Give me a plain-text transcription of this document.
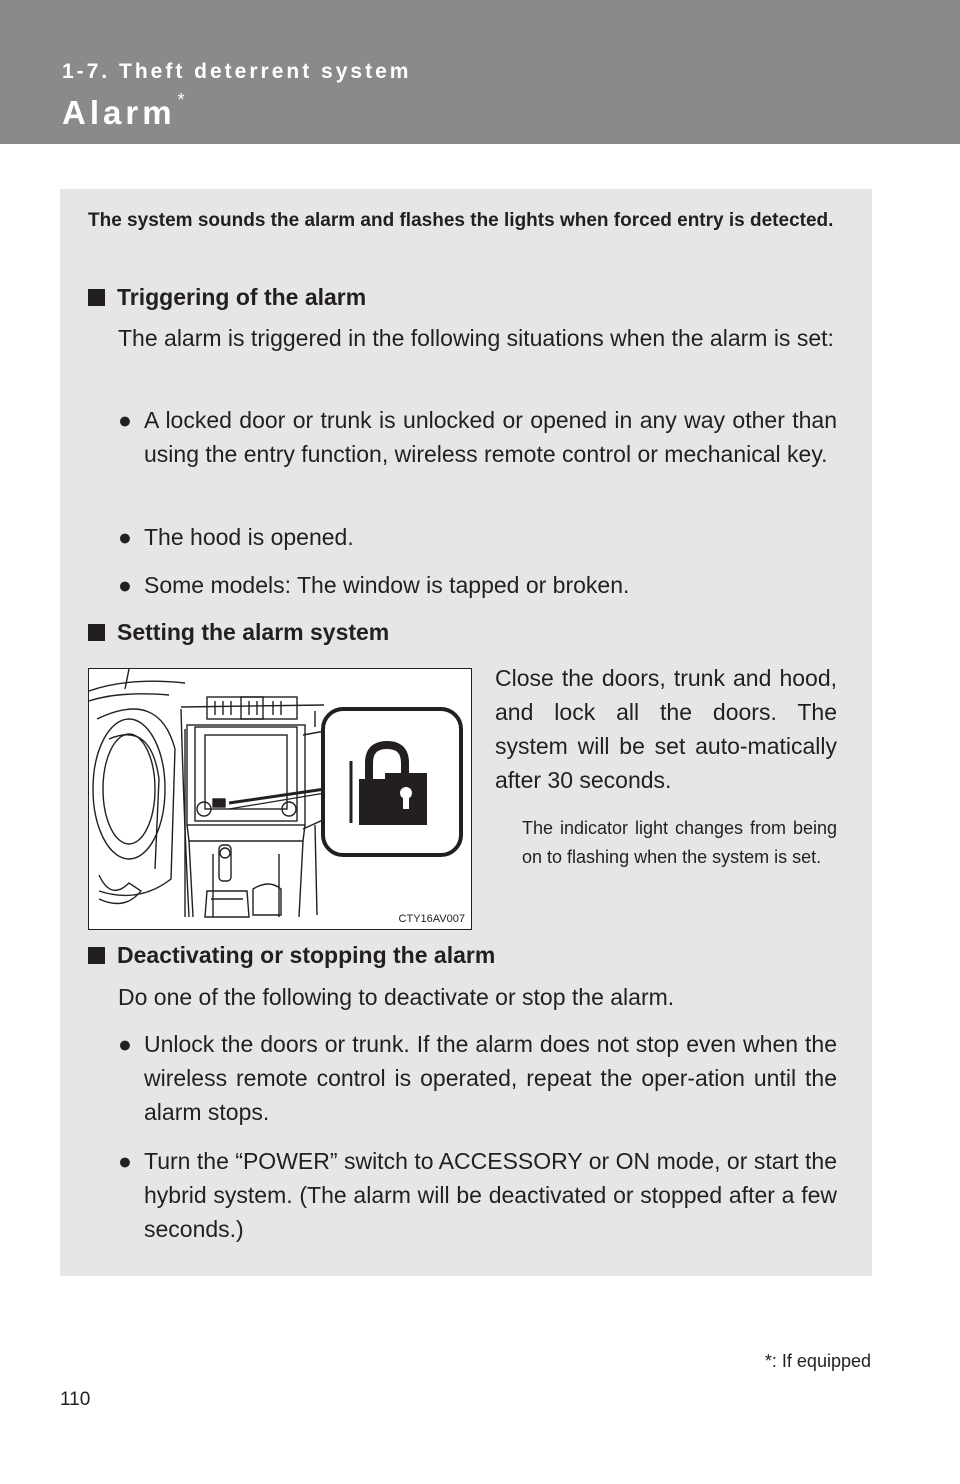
1-7. Theft deterrent system
Alarm *
The system sounds the alarm and flashes the lights when forced entry is detected.
Triggering of the alarm
The alarm is triggered in the following situations when the alarm is set:
● A locked door or trunk is unlocked or opened in any way other than using the entry function, wireless remote control or mechanical key.
● The hood is opened.
● Some models: The window is tapped or broken.
Setting the alarm system
CTY16AV007
Close the doors, trunk and hood, and lock all the doors. The system will be set auto-matically after 30 seconds.
The indicator light changes from being on to flashing when the system is set.
Deactivating or stopping the alarm
Do one of the following to deactivate or stop the alarm.
● Unlock the doors or trunk. If the alarm does not stop even when the wireless remote control is operated, repeat the oper-ation until the alarm stops.
● Turn the “POWER” switch to ACCESSORY or ON mode, or start the hybrid system. (The alarm will be deactivated or stopped after a few seconds.)
*: If equipped
110
